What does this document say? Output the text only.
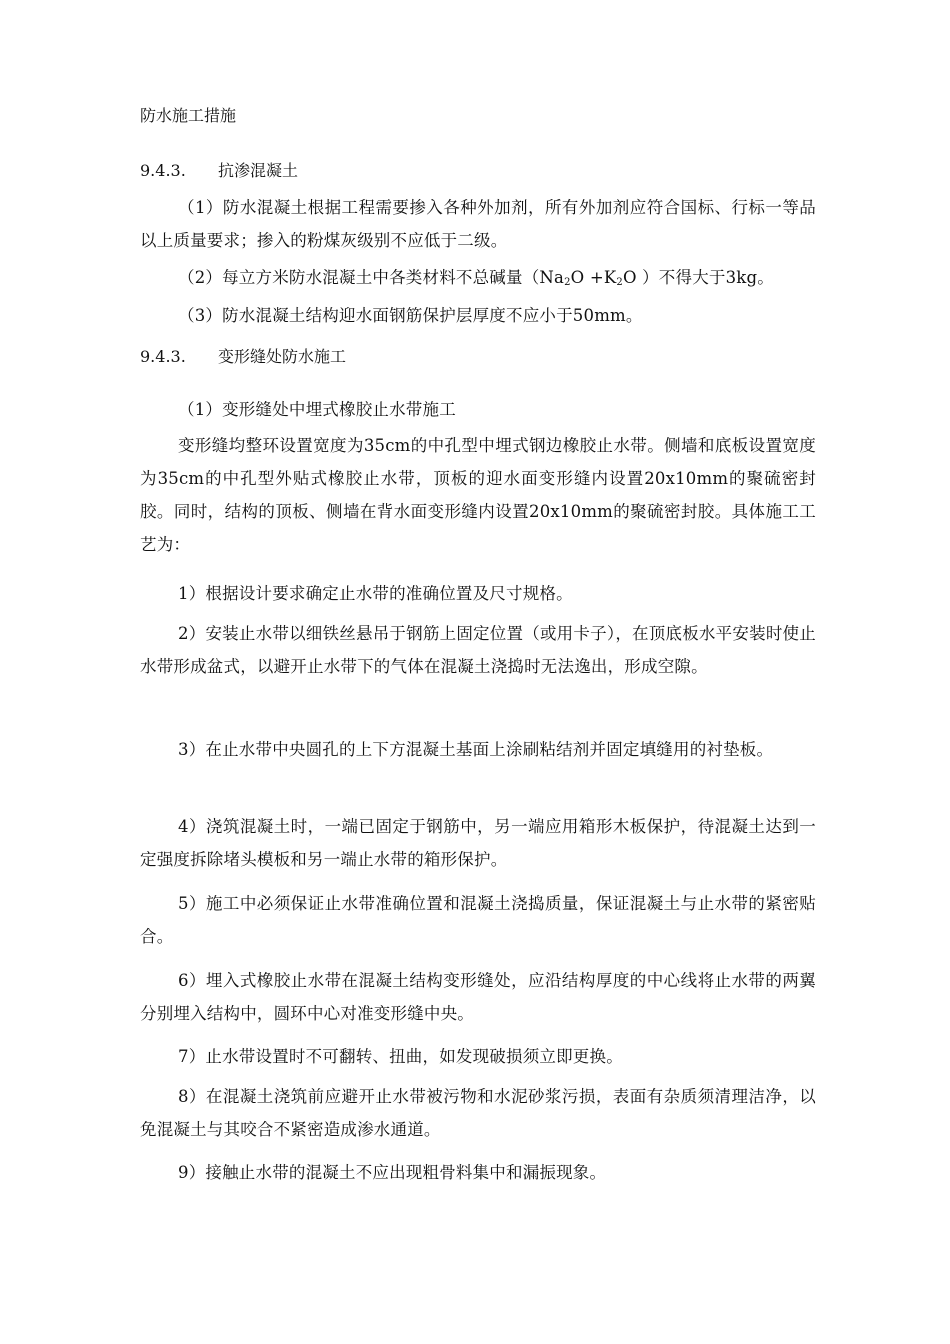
防水施工措施
9.4.3. 抗渗混凝土

（1）防水混凝土根据工程需要掺入各种外加剂，所有外加剂应符合国标、行标一等品以上质量要求；掺入的粉煤灰级别不应低于二级。

（2）每立方米防水混凝土中各类材料不总碱量（$Na_2O +K_2O$ ）不得大于3kg。

（3）防水混凝土结构迎水面钢筋保护层厚度不应小于50mm。

9.4.3. 变形缝处防水施工

（1）变形缝处中埋式橡胶止水带施工

变形缝均整环设置宽度为35cm的中孔型中埋式钢边橡胶止水带。侧墙和底板设置宽度为35cm的中孔型外贴式橡胶止水带，顶板的迎水面变形缝内设置20x10mm的聚硫密封胶。同时，结构的顶板、侧墙在背水面变形缝内设置20x10mm的聚硫密封胶。具体施工工艺为：

1）根据设计要求确定止水带的准确位置及尺寸规格。

2）安装止水带以细铁丝悬吊于钢筋上固定位置（或用卡子），在顶底板水平安装时使止水带形成盆式，以避开止水带下的气体在混凝土浇捣时无法逸出，形成空隙。

3）在止水带中央圆孔的上下方混凝土基面上涂刷粘结剂并固定填缝用的衬垫板。

4）浇筑混凝土时，一端已固定于钢筋中，另一端应用箱形木板保护，待混凝土达到一定强度拆除堵头模板和另一端止水带的箱形保护。

5）施工中必须保证止水带准确位置和混凝土浇捣质量，保证混凝土与止水带的紧密贴合。

6）埋入式橡胶止水带在混凝土结构变形缝处，应沿结构厚度的中心线将止水带的两翼分别埋入结构中，圆环中心对准变形缝中央。

7）止水带设置时不可翻转、扭曲，如发现破损须立即更换。

8）在混凝土浇筑前应避开止水带被污物和水泥砂浆污损，表面有杂质须清理洁净，以免混凝土与其咬合不紧密造成渗水通道。

9）接触止水带的混凝土不应出现粗骨料集中和漏振现象。
